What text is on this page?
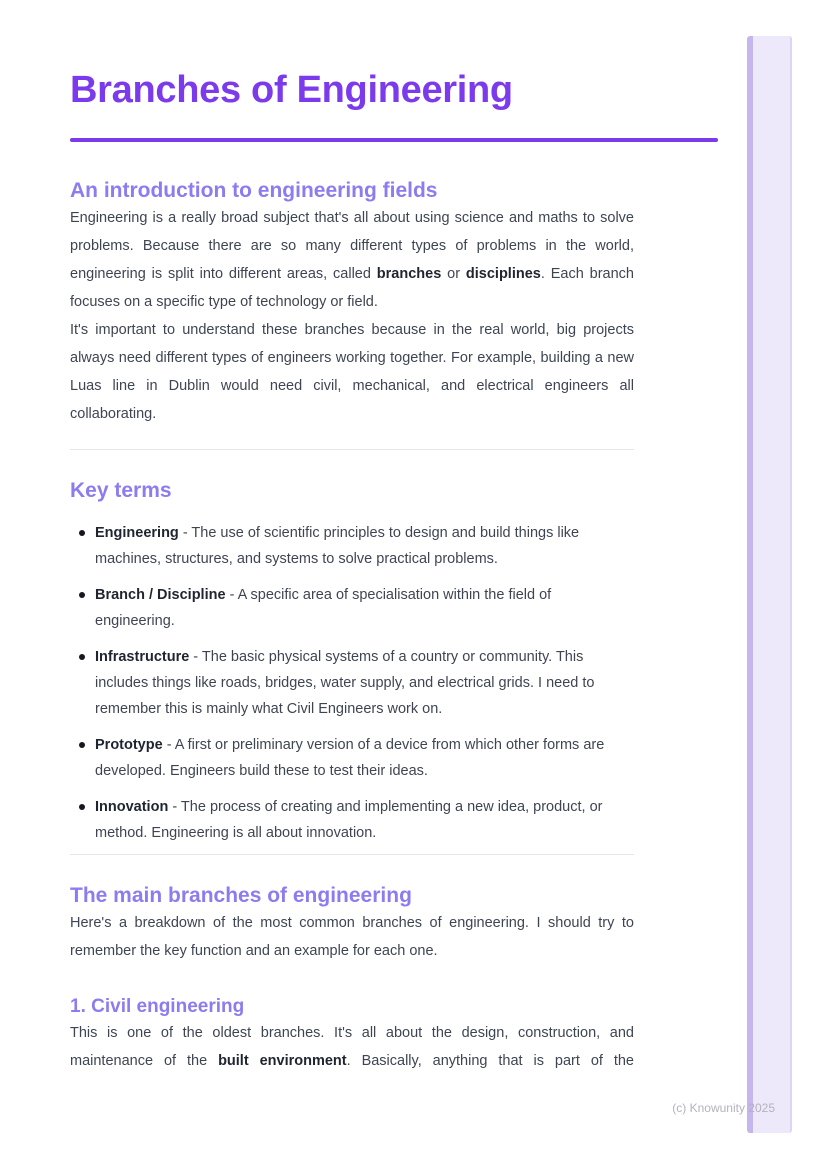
Branches of Engineering
An introduction to engineering fields

Engineering is a really broad subject that's all about using science and maths to solve problems. Because there are so many different types of problems in the world, engineering is split into different areas, called branches or disciplines. Each branch focuses on a specific type of technology or field.

It's important to understand these branches because in the real world, big projects always need different types of engineers working together. For example, building a new Luas line in Dublin would need civil, mechanical, and electrical engineers all collaborating.

Key terms
Engineering - The use of scientific principles to design and build things like machines, structures, and systems to solve practical problems.
Branch / Discipline - A specific area of specialisation within the field of engineering.
Infrastructure - The basic physical systems of a country or community. This includes things like roads, bridges, water supply, and electrical grids. I need to remember this is mainly what Civil Engineers work on.
Prototype - A first or preliminary version of a device from which other forms are developed. Engineers build these to test their ideas.
Innovation - The process of creating and implementing a new idea, product, or method. Engineering is all about innovation.
The main branches of engineering

Here's a breakdown of the most common branches of engineering. I should try to remember the key function and an example for each one.

1. Civil engineering

This is one of the oldest branches. It's all about the design, construction, and maintenance of the built environment. Basically, anything that is part of the

(c) Knowunity 2025
